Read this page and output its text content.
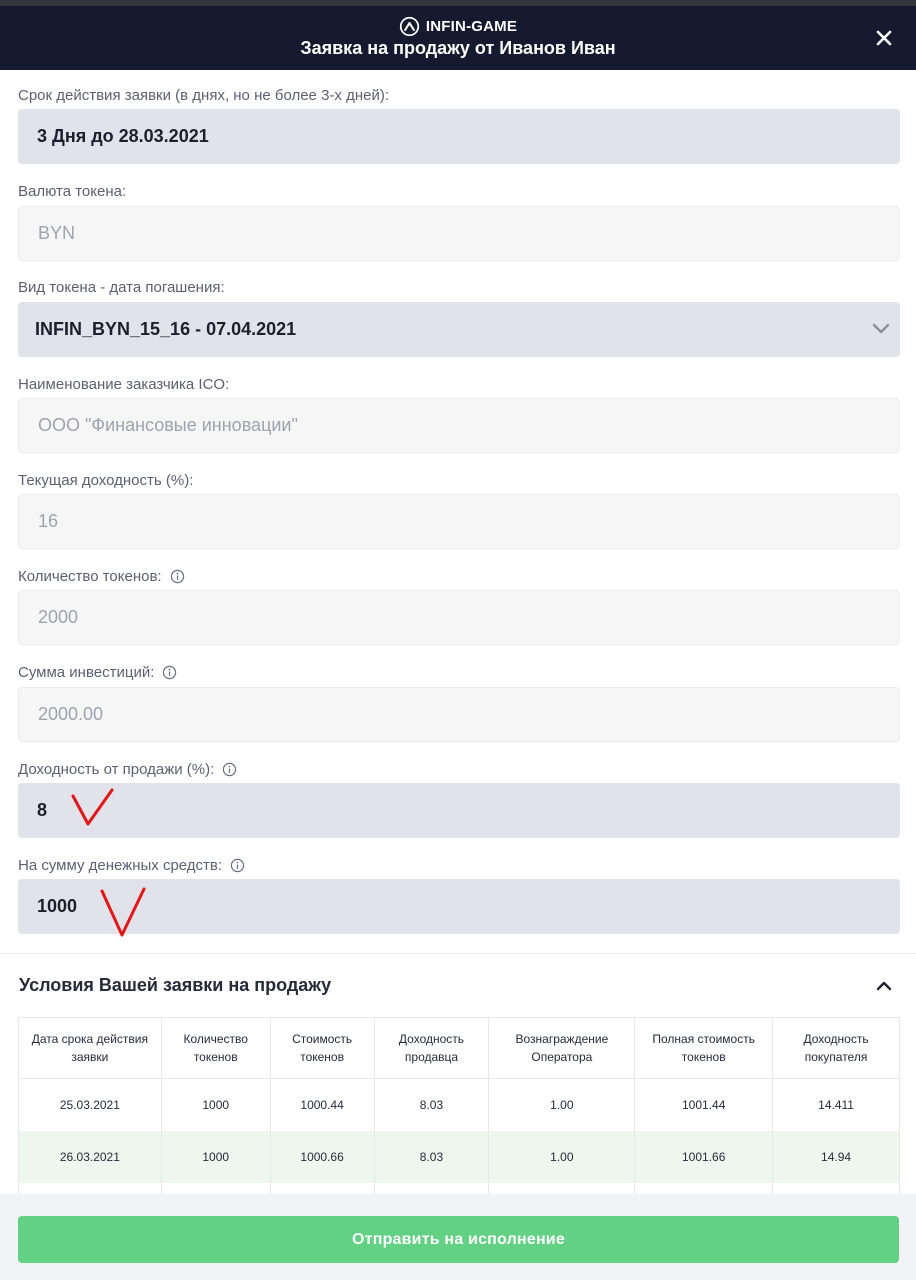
INFIN-GAME
Заявка на продажу от Иванов Иван
Срок действия заявки (в днях, но не более 3-х дней):
3 Дня до 28.03.2021
Валюта токена:
BYN
Вид токена - дата погашения:
INFIN_BYN_15_16 - 07.04.2021
Наименование заказчика ICO:
ООО "Финансовые инновации"
Текущая доходность (%):
16
Количество токенов:
2000
Сумма инвестиций:
2000.00
Доходность от продажи (%):
8
На сумму денежных средств:
1000
Условия Вашей заявки на продажу
Дата срока действия заявки	Количество токенов	Стоимость токенов	Доходность продавца	Вознаграждение Оператора	Полная стоимость токенов	Доходность покупателя
25.03.2021	1000	1000.44	8.03	1.00	1001.44	14.411
26.03.2021	1000	1000.66	8.03	1.00	1001.66	14.94

Отправить на исполнение
